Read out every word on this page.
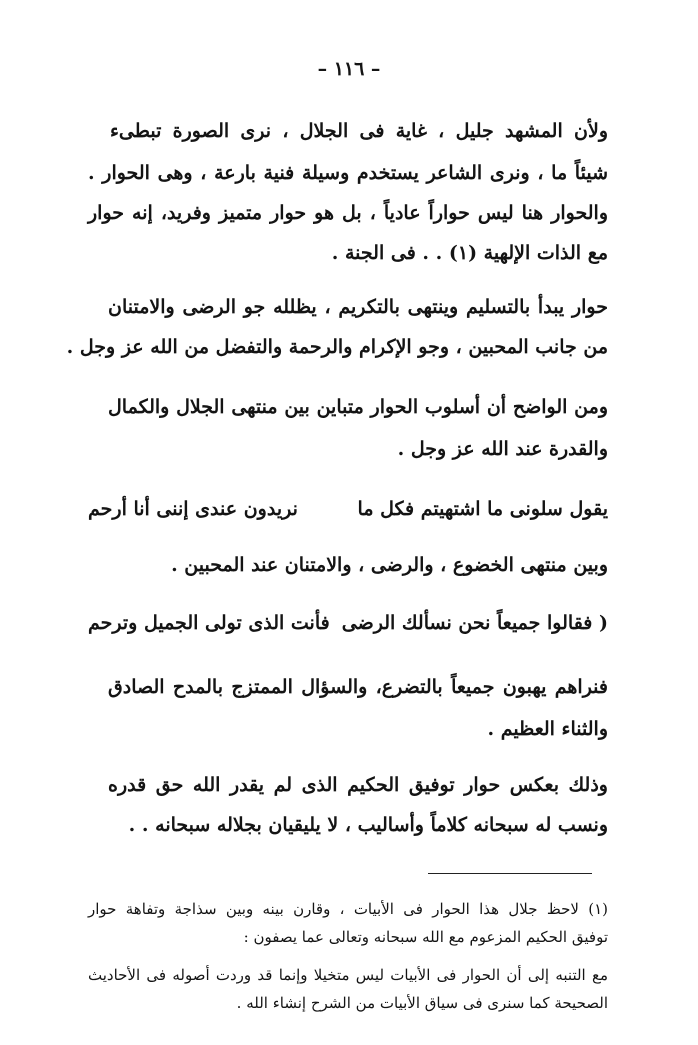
– ١١٦ –
ولأن المشهد جليل ، غاية فى الجلال ، نرى الصورة تبطىء
شيئاً ما ، ونرى الشاعر يستخدم وسيلة فنية بارعة ، وهى الحوار .
والحوار هنا ليس حواراً عادياً ، بل هو حوار متميز وفريد، إنه حوار
مع الذات الإلهية (١) . . فى الجنة .
حوار يبدأ بالتسليم وينتهى بالتكريم ، يظلله جو الرضى والامتنان
من جانب المحبين ، وجو الإكرام والرحمة والتفضل من الله عز وجل .
ومن الواضح أن أسلوب الحوار متباين بين منتهى الجلال والكمال
والقدرة عند الله عز وجل .
يقول سلونى ما اشتهيتم فكل ما
نريدون عندى إننى أنا أرحم
وبين منتهى الخضوع ، والرضى ، والامتنان عند المحبين .
( فقالوا جميعاً نحن نسألك الرضى
فأنت الذى تولى الجميل وترحم
فنراهم يهبون جميعاً بالتضرع، والسؤال الممتزج بالمدح الصادق
والثناء العظيم .
وذلك بعكس حوار توفيق الحكيم الذى لم يقدر الله حق قدره
ونسب له سبحانه كلاماً وأساليب ، لا يليقيان بجلاله سبحانه . .
(١) لاحظ جلال هذا الحوار فى الأبيات ، وقارن بينه وبين سذاجة وتفاهة حوار
توفيق الحكيم المزعوم مع الله سبحانه وتعالى عما يصفون :
مع التنبه إلى أن الحوار فى الأبيات ليس متخيلا وإنما قد وردت أصوله فى الأحاديث
الصحيحة كما سنرى فى سياق الأبيات من الشرح إنشاء الله .
